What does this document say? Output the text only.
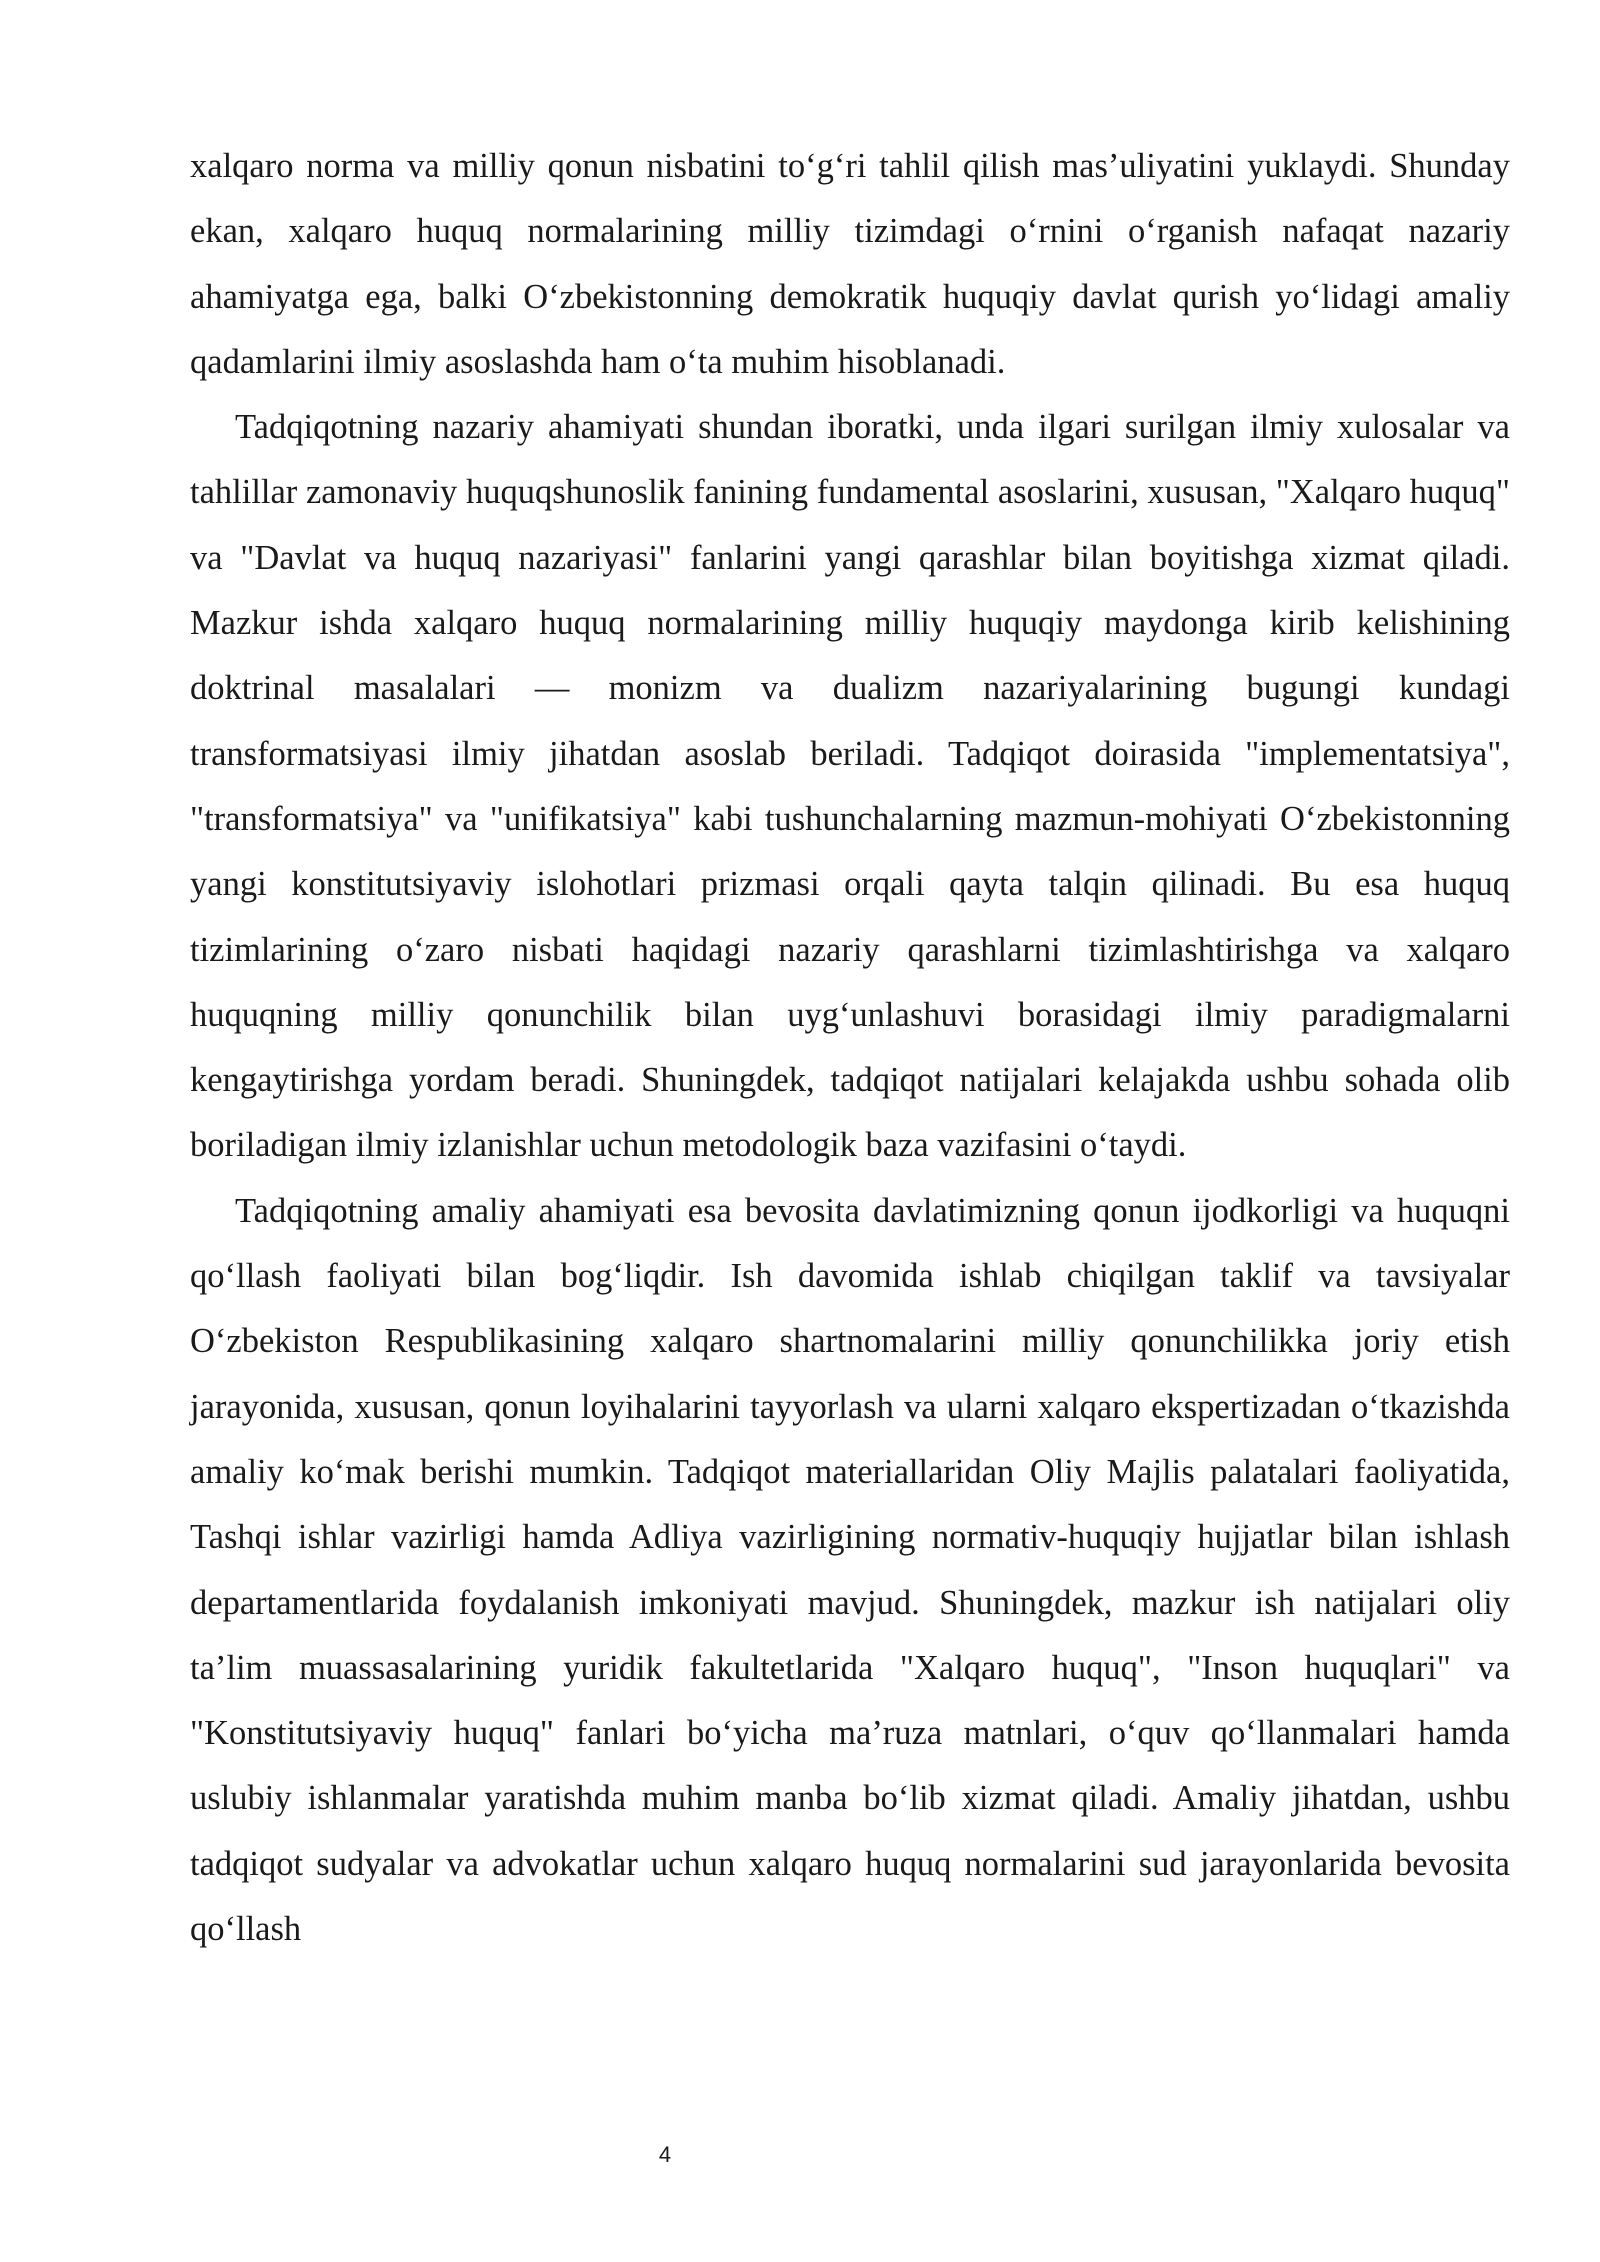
xalqaro norma va milliy qonun nisbatini to‘g‘ri tahlil qilish mas’uliyatini yuklaydi. Shunday ekan, xalqaro huquq normalarining milliy tizimdagi o‘rnini o‘rganish nafaqat nazariy ahamiyatga ega, balki O‘zbekistonning demokratik huquqiy davlat qurish yo‘lidagi amaliy qadamlarini ilmiy asoslashda ham o‘ta muhim hisoblanadi.

Tadqiqotning nazariy ahamiyati shundan iboratki, unda ilgari surilgan ilmiy xulosalar va tahlillar zamonaviy huquqshunoslik fanining fundamental asoslarini, xususan, "Xalqaro huquq" va "Davlat va huquq nazariyasi" fanlarini yangi qarashlar bilan boyitishga xizmat qiladi. Mazkur ishda xalqaro huquq normalarining milliy huquqiy maydonga kirib kelishining doktrinal masalalari — monizm va dualizm nazariyalarining bugungi kundagi transformatsiyasi ilmiy jihatdan asoslab beriladi. Tadqiqot doirasida "implementatsiya", "transformatsiya" va "unifikatsiya" kabi tushunchalarning mazmun-mohiyati O‘zbekistonning yangi konstitutsiyaviy islohotlari prizmasi orqali qayta talqin qilinadi. Bu esa huquq tizimlarining o‘zaro nisbati haqidagi nazariy qarashlarni tizimlashtirishga va xalqaro huquqning milliy qonunchilik bilan uyg‘unlashuvi borasidagi ilmiy paradigmalarni kengaytirishga yordam beradi. Shuningdek, tadqiqot natijalari kelajakda ushbu sohada olib boriladigan ilmiy izlanishlar uchun metodologik baza vazifasini o‘taydi.

Tadqiqotning amaliy ahamiyati esa bevosita davlatimizning qonun ijodkorligi va huquqni qo‘llash faoliyati bilan bog‘liqdir. Ish davomida ishlab chiqilgan taklif va tavsiyalar O‘zbekiston Respublikasining xalqaro shartnomalarini milliy qonunchilikka joriy etish jarayonida, xususan, qonun loyihalarini tayyorlash va ularni xalqaro ekspertizadan o‘tkazishda amaliy ko‘mak berishi mumkin. Tadqiqot materiallaridan Oliy Majlis palatalari faoliyatida, Tashqi ishlar vazirligi hamda Adliya vazirligining normativ-huquqiy hujjatlar bilan ishlash departamentlarida foydalanish imkoniyati mavjud. Shuningdek, mazkur ish natijalari oliy ta’lim muassasalarining yuridik fakultetlarida "Xalqaro huquq", "Inson huquqlari" va "Konstitutsiyaviy huquq" fanlari bo‘yicha ma’ruza matnlari, o‘quv qo‘llanmalari hamda uslubiy ishlanmalar yaratishda muhim manba bo‘lib xizmat qiladi. Amaliy jihatdan, ushbu tadqiqot sudyalar va advokatlar uchun xalqaro huquq normalarini sud jarayonlarida bevosita qo‘llash

4
